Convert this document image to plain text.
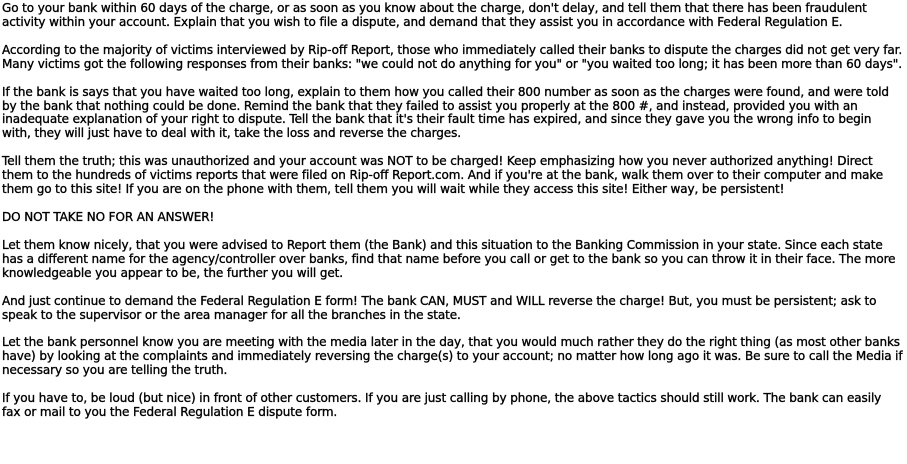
Go to your bank within 60 days of the charge, or as soon as you know about the charge, don't delay, and tell them that there has been fraudulent activity within your account. Explain that you wish to file a dispute, and demand that they assist you in accordance with Federal Regulation E.

According to the majority of victims interviewed by Rip-off Report, those who immediately called their banks to dispute the charges did not get very far. Many victims got the following responses from their banks: "we could not do anything for you" or "you waited too long; it has been more than 60 days".

If the bank is says that you have waited too long, explain to them how you called their 800 number as soon as the charges were found, and were told by the bank that nothing could be done. Remind the bank that they failed to assist you properly at the 800 #, and instead, provided you with an inadequate explanation of your right to dispute. Tell the bank that it's their fault time has expired, and since they gave you the wrong info to begin with, they will just have to deal with it, take the loss and reverse the charges.

Tell them the truth; this was unauthorized and your account was NOT to be charged! Keep emphasizing how you never authorized anything! Direct them to the hundreds of victims reports that were filed on Rip-off Report.com. And if you're at the bank, walk them over to their computer and make them go to this site! If you are on the phone with them, tell them you will wait while they access this site! Either way, be persistent!

DO NOT TAKE NO FOR AN ANSWER!

Let them know nicely, that you were advised to Report them (the Bank) and this situation to the Banking Commission in your state. Since each state has a different name for the agency/controller over banks, find that name before you call or get to the bank so you can throw it in their face. The more knowledgeable you appear to be, the further you will get.

And just continue to demand the Federal Regulation E form! The bank CAN, MUST and WILL reverse the charge! But, you must be persistent; ask to speak to the supervisor or the area manager for all the branches in the state.

Let the bank personnel know you are meeting with the media later in the day, that you would much rather they do the right thing (as most other banks have) by looking at the complaints and immediately reversing the charge(s) to your account; no matter how long ago it was. Be sure to call the Media if necessary so you are telling the truth.

If you have to, be loud (but nice) in front of other customers. If you are just calling by phone, the above tactics should still work. The bank can easily fax or mail to you the Federal Regulation E dispute form.
